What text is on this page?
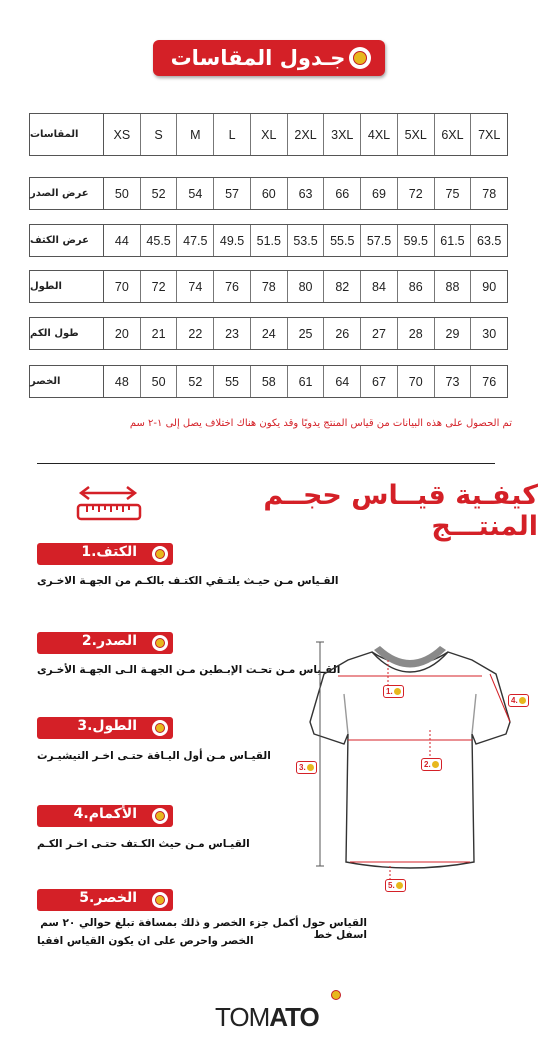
جـدول المقاسات
المقاسات	XS	S	M	L	XL	2XL	3XL	4XL	5XL	6XL	7XL
عرض الصدر	50	52	54	57	60	63	66	69	72	75	78
عرض الكتف	44	45.5 47.5 49.5 51.5 53.5 55.5 57.5 59.5 61.5 63.5
الطول	70	72	74	76	78	80	82	84	86	88	90
طول الكم	20	21	22	23	24	25	26	27	28	29	30
الخصر	48	50	52	55	58	61	64	67	70	73	76
تم الحصول على هذه البيانات من قياس المنتج يدويًا وقد يكون هناك اختلاف يصل إلى ١-٢ سم
كيفـية قيــاس حجــم المنتـــج
الكتف.1
القـياس مـن حيـث يلتـقي الكتـف بالكـم من الجهـة الاخـرى
الصدر.2
القـياس مـن تحـت الإبـطين مـن الجهـة الـى الجهـة الأخـرى
الطول.3
القيـاس مـن أول اليـاقة حتـى اخـر التيشيـرت
الأكمام.4
القيـاس مـن حيث الكـتف حتـى اخـر الكـم
الخصر.5
القياس حول أكمل جزء الخصر و ذلك بمسافة تبلغ حوالي ٢٠ سم اسفل خط
الخصر واحرص على ان يكون القياس افقيا
1.
2.
3.
4.
5.
TOMATO
